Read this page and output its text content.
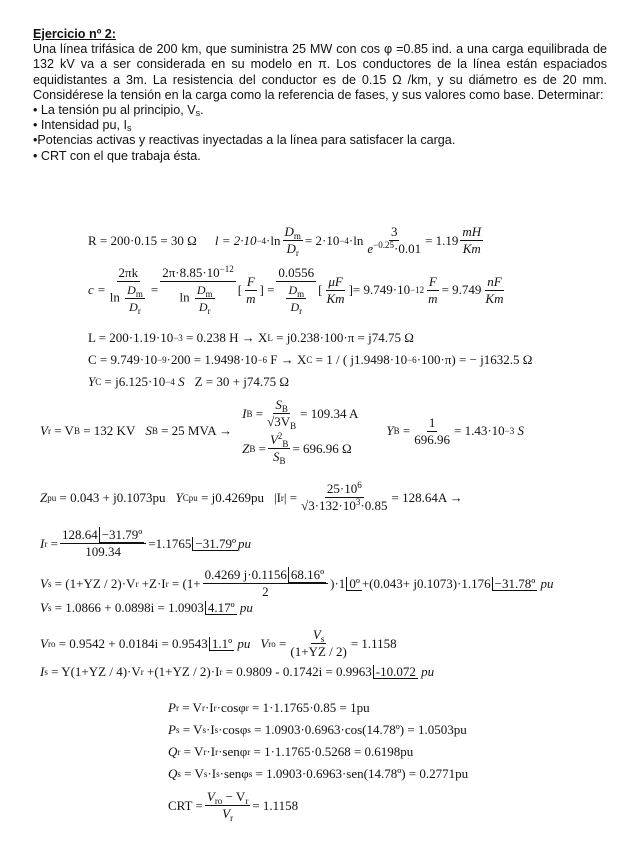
Ejercicio nº 2:
Una línea trifásica de 200 km, que suministra 25 MW con cos φ =0.85 ind. a una carga equilibrada de 132 kV va a ser considerada en su modelo en π. Los conductores de la línea están espaciados equidistantes a 3m. La resistencia del conductor es de 0.15 Ω /km, y su diámetro es de 20 mm. Considérese la tensión en la carga como la referencia de fases, y sus valores como base. Determinar:
• La tensión pu al principio, $V_s$.
• Intensidad pu, $I_s$
•Potencias activas y reactivas inyectadas a la línea para satisfacer la carga.
• CRT con el que trabaja ésta.
R = 200·0.15 = 30 Ω $l = 2\cdot 10 -4 \cdot\ln \frac{D_m}{D_r} = 2\cdot 10 -4 \cdot\ln \frac{3}{e^{-0.25}\cdot 0.01} = 1.19$
mH
Km
c =
2πk
$\ln \frac{D_m}{D_r}$ =
$2\pi\cdot 8.85\cdot 10^{-12}$
$\ln \frac{D_m}{D_r}$ [
F
m
] =
0.0556
$\frac{D_m}{D_r}$ [
μF
Km
] = $9.749\cdot 10 -12 \frac{F}{m} = 9.749$
nF
Km
L = 200·1.19·10 −3
= 0.238 H → X L
= j0.238·100·π = j74.75 Ω
C = 9.749·10 −9 ·200 = 1.9498·10 −6
F → X C
= 1 / ( j1.9498·10 −6 ·100·π) = − j1632.5 Ω
Y C
= j6.125·10 −4
S Z = 30 + j74.75 Ω
V r
= V B
= 132 KV S B
= 25 MVA →
I B =
$S_B$
$√3V_B$
= 109.34 A
Z $B = \frac{V^2_B}{S_B} = 696.96$ Ω
Y $B = \frac{1}{696.96} = 1.43\cdot 10 -3$
S
Z pu
= 0.043 + j0.1073pu Y Cpu
= j0.4269pu |I r | = $\frac{25\cdot 10^6}{√3\cdot 132\cdot 10^3\cdot 0.85} = 128.64A$ →
I $r = \frac{\text{128.64 −31.79º}}{109.34} =1.1765$ −31.79º pu
V s
= (1+YZ / 2)·V r
+Z·I r
= $(1+ \frac{\text{0.4269 j·0.1156 68.16º}}{2} )\cdot 1$ 0º +(0.043+ j0.1073)·1.176 −31.78º
pu
V s
= 1.0866 + 0.0898i = 1.0903 4.17º
pu
V ro
= 0.9542 + 0.0184i = 0.9543 1.1º
pu V ro = $\frac{V_s}{(1+YZ / 2)} = 1.1158$
I s
= Y(1+YZ / 4)·V r
+(1+YZ / 2)·I r
= 0.9809 - 0.1742i = 0.9963 -10.072
pu
P r
= V r ·I r ·cosφ r
= 1·1.1765·0.85 = 1pu
P s
= V s ·I s ·cosφ s
= 1.0903·0.6963·cos(14.78º) = 1.0503pu
Q r
= V r ·I r ·senφ r
= 1·1.1765·0.5268 = 0.6198pu
Q s
= V s ·I s ·senφ s
= 1.0903·0.6963·sen(14.78º) = 0.2771pu
CRT =
$V_{ro} - V_r$
$V_r$
= 1.1158
